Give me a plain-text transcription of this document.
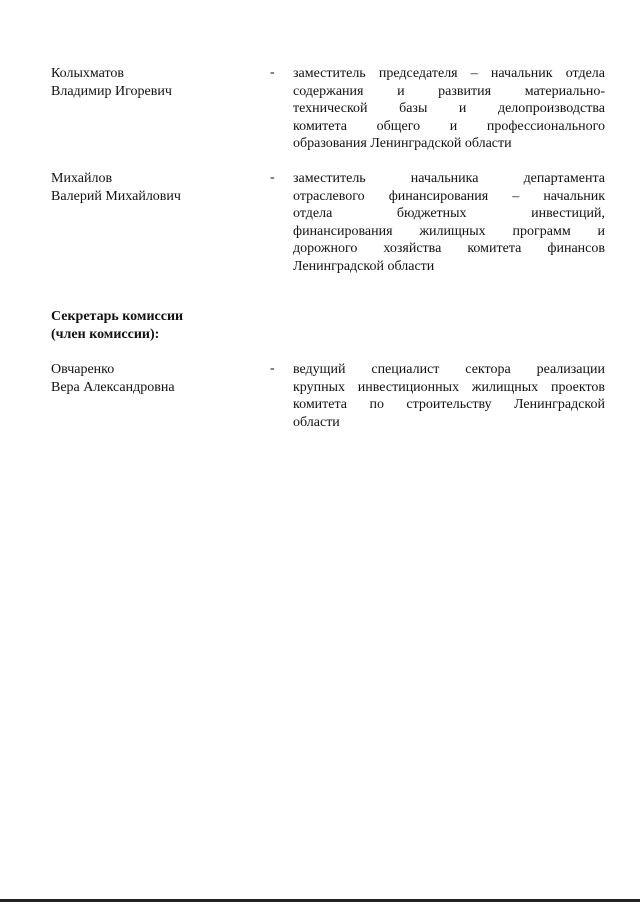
Колыхматов
Владимир Игоревич
- заместитель председателя – начальник отдела
содержания и развития материально-
технической базы и делопроизводства
комитета общего и профессионального
образования Ленинградской области
Михайлов
Валерий Михайлович
- заместитель начальника департамента
отраслевого финансирования – начальник
отдела бюджетных инвестиций,
финансирования жилищных программ и
дорожного хозяйства комитета финансов
Ленинградской области
Секретарь комиссии
(член комиссии):
Овчаренко
Вера Александровна
- ведущий специалист сектора реализации
крупных инвестиционных жилищных проектов
комитета по строительству Ленинградской
области
